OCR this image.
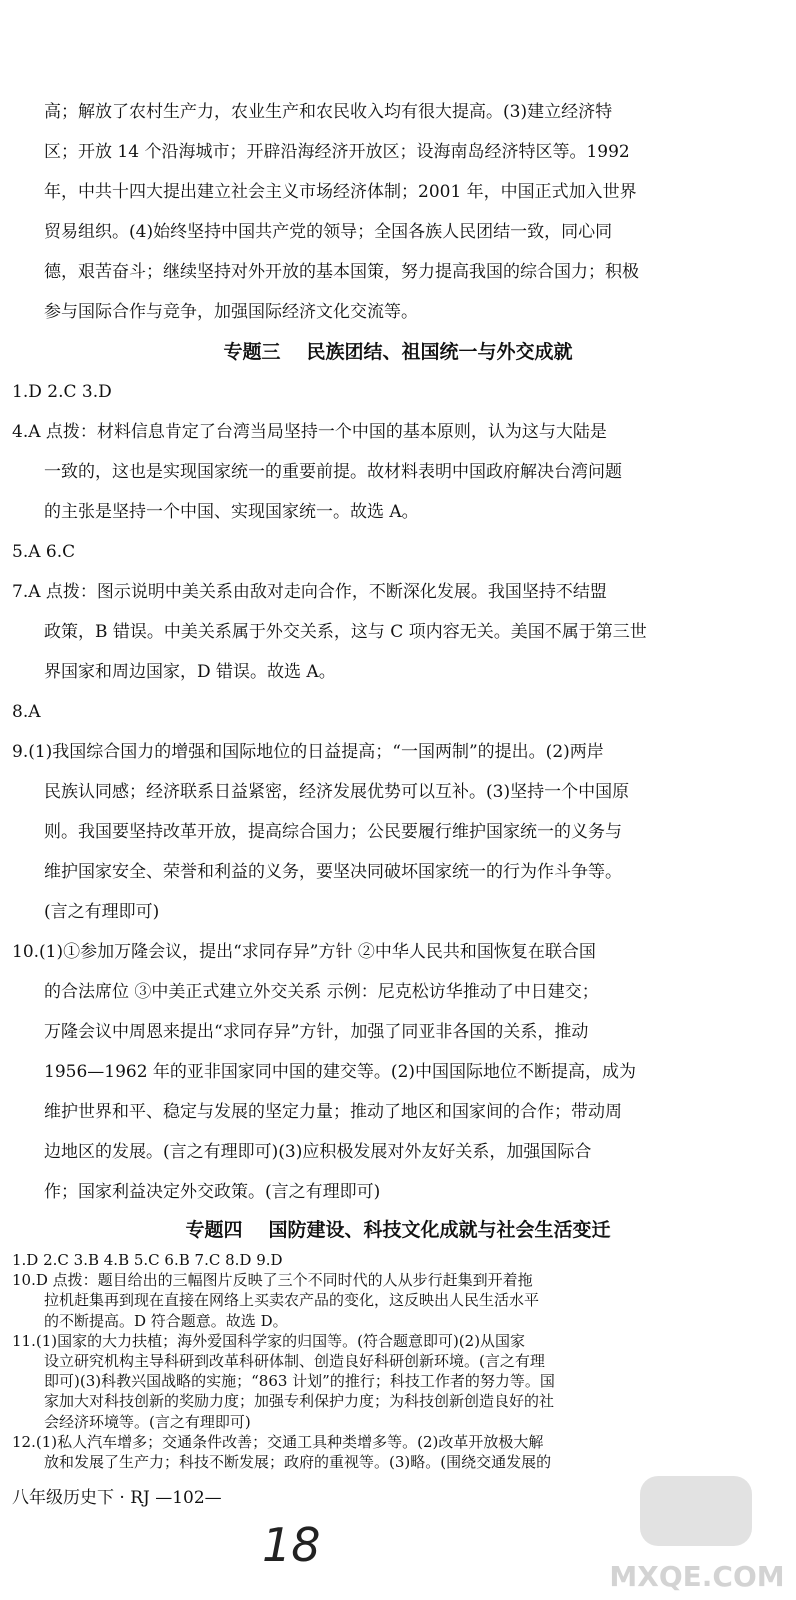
高；解放了农村生产力，农业生产和农民收入均有很大提高。(3)建立经济特
区；开放 14 个沿海城市；开辟沿海经济开放区；设海南岛经济特区等。1992
年，中共十四大提出建立社会主义市场经济体制；2001 年，中国正式加入世界
贸易组织。(4)始终坚持中国共产党的领导；全国各族人民团结一致，同心同
德，艰苦奋斗；继续坚持对外开放的基本国策，努力提高我国的综合国力；积极
参与国际合作与竞争，加强国际经济文化交流等。
专题三 民族团结、祖国统一与外交成就
1.D 2.C 3.D
4.A 点拨：材料信息肯定了台湾当局坚持一个中国的基本原则，认为这与大陆是
一致的，这也是实现国家统一的重要前提。故材料表明中国政府解决台湾问题
的主张是坚持一个中国、实现国家统一。故选 A。
5.A 6.C
7.A 点拨：图示说明中美关系由敌对走向合作，不断深化发展。我国坚持不结盟
政策，B 错误。中美关系属于外交关系，这与 C 项内容无关。美国不属于第三世
界国家和周边国家，D 错误。故选 A。
8.A
9.(1)我国综合国力的增强和国际地位的日益提高；“一国两制”的提出。(2)两岸
民族认同感；经济联系日益紧密，经济发展优势可以互补。(3)坚持一个中国原
则。我国要坚持改革开放，提高综合国力；公民要履行维护国家统一的义务与
维护国家安全、荣誉和利益的义务，要坚决同破坏国家统一的行为作斗争等。
(言之有理即可)
10.(1)①参加万隆会议，提出“求同存异”方针 ②中华人民共和国恢复在联合国
的合法席位 ③中美正式建立外交关系 示例：尼克松访华推动了中日建交；
万隆会议中周恩来提出“求同存异”方针，加强了同亚非各国的关系，推动
1956—1962 年的亚非国家同中国的建交等。(2)中国国际地位不断提高，成为
维护世界和平、稳定与发展的坚定力量；推动了地区和国家间的合作；带动周
边地区的发展。(言之有理即可)(3)应积极发展对外友好关系，加强国际合
作；国家利益决定外交政策。(言之有理即可)
专题四 国防建设、科技文化成就与社会生活变迁
八年级历史下 · RJ —102—
18
MXQE.COM
1.D 2.C 3.B 4.B 5.C 6.B 7.C 8.D 9.D
10.D 点拨：题目给出的三幅图片反映了三个不同时代的人从步行赶集到开着拖
拉机赶集再到现在直接在网络上买卖农产品的变化，这反映出人民生活水平
的不断提高。D 符合题意。故选 D。
11.(1)国家的大力扶植；海外爱国科学家的归国等。(符合题意即可)(2)从国家
设立研究机构主导科研到改革科研体制、创造良好科研创新环境。(言之有理
即可)(3)科教兴国战略的实施；“863 计划”的推行；科技工作者的努力等。国
家加大对科技创新的奖励力度；加强专利保护力度；为科技创新创造良好的社
会经济环境等。(言之有理即可)
12.(1)私人汽车增多；交通条件改善；交通工具种类增多等。(2)改革开放极大解
放和发展了生产力；科技不断发展；政府的重视等。(3)略。(围绕交通发展的
